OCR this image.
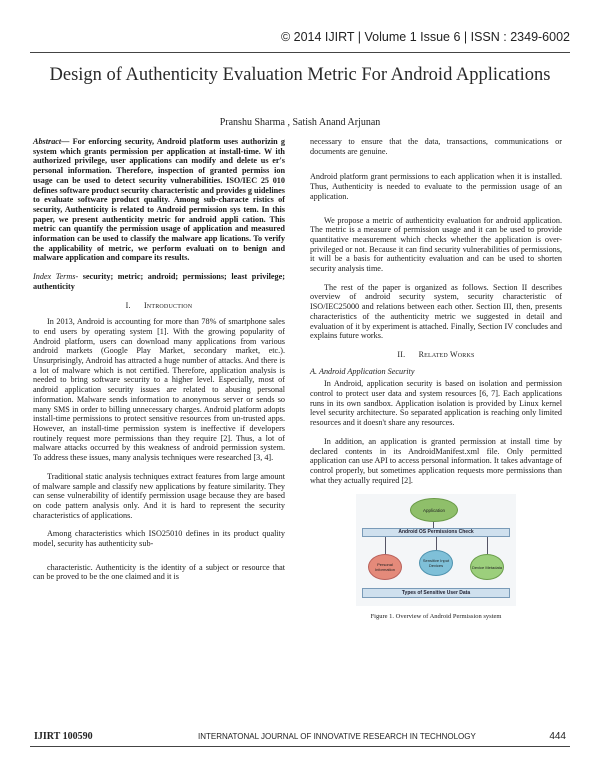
© 2014 IJIRT | Volume 1 Issue 6 | ISSN : 2349-6002
Design of Authenticity Evaluation Metric For Android Applications
Pranshu Sharma , Satish Anand Arjunan
Abstract— For enforcing security, Android platform uses authorizin g system which grants permission per application at install-time. W ith authorized privilege, user applications can modify and delete us er's personal information. Therefore, inspection of granted permiss ion usage can be used to detect security vulnerabilities. ISO/IEC 25 010 defines software product security characteristic and provides g uidelines to evaluate software product quality. Among sub-characte ristics of security, Authenticity is related to Android permission sys tem. In this paper, we present authenticity metric for android appli cation. This metric can quantify the permission usage of application and measured information can be used to classify the malware app lications. To verify the applicability of metric, we perform evaluati on to benign and malware application and compare its results.
Index Terms- security; metric; android; permissions; least privilege; authenticity
I. Introduction
In 2013, Android is accounting for more than 78% of smartphone sales to end users by operating system [1]. With the growing popularity of Android platform, users can download many applications from various android markets (Google Play Market, secondary market, etc.). Unsurprisingly, Android has attracted a huge number of attacks. And there is a lot of malware which is not certified. Therefore, application analysis is needed to bring software security to a higher level. Especially, most of android application security issues are related to abusing personal information. Malware sends information to anonymous server or sends so many SMS in order to billing unnecessary charges. Android platform adopts install-time permissions to protect sensitive resources from un-trusted apps. However, an install-time permission system is ineffective if developers routinely request more permissions than they require [2]. Thus, a lot of malware attacks occurred by this weakness of android permission system. To address these issues, many analysis techniques were researched [3, 4].
Traditional static analysis techniques extract features from large amount of malware sample and classify new applications by feature similarity. They can sense vulnerability of identify permission usage because they are based on code pattern analysis only. And it is hard to represent the security characteristics of applications.
Among characteristics which ISO25010 defines in its product quality model, security has authenticity sub-
characteristic. Authenticity is the identity of a subject or resource that can be proved to be the one claimed and it is
necessary to ensure that the data, transactions, communications or documents are genuine.
Android platform grant permissions to each application when it is installed. Thus, Authenticity is needed to evaluate to the permission usage of an application.
We propose a metric of authenticity evaluation for android application. The metric is a measure of permission usage and it can be used to provide quantitative measurement which checks whether the application is over-privileged or not. Because it can find security vulnerabilities of permissions, it will be a basis for authenticity evaluation and can be used to shorten security analysis time.
The rest of the paper is organized as follows. Section II describes overview of android security system, security characteristic of ISO/IEC25000 and relations between each other. Section III, then, presents characteristics of the authenticity metric we suggested in detail and evaluation of it by experiment is attached. Finally, Section IV concludes and explains future works.
II. Related Works
A. Android Application Security
In Android, application security is based on isolation and permission control to protect user data and system resources [6, 7]. Each applications runs in its own sandbox. Application isolation is provided by Linux kernel level security architecture. So separated application is reaching only limited resources and it doesn't share any resources.
In addition, an application is granted permission at install time by declared contents in its AndroidManifest.xml file. Only permitted application can use API to access personal information. It takes advantage of control properly, but sometimes application requests more permissions than what they actually required [2].
Application
Android OS Permissions Check
Personal Information
Sensitive Input Devices	Device Metadata
Types of Sensitive User Data
Figure 1. Overview of Android Permission system
IJIRT 100590	INTERNATONAL JOURNAL OF INNOVATIVE RESEARCH IN TECHNOLOGY	444
